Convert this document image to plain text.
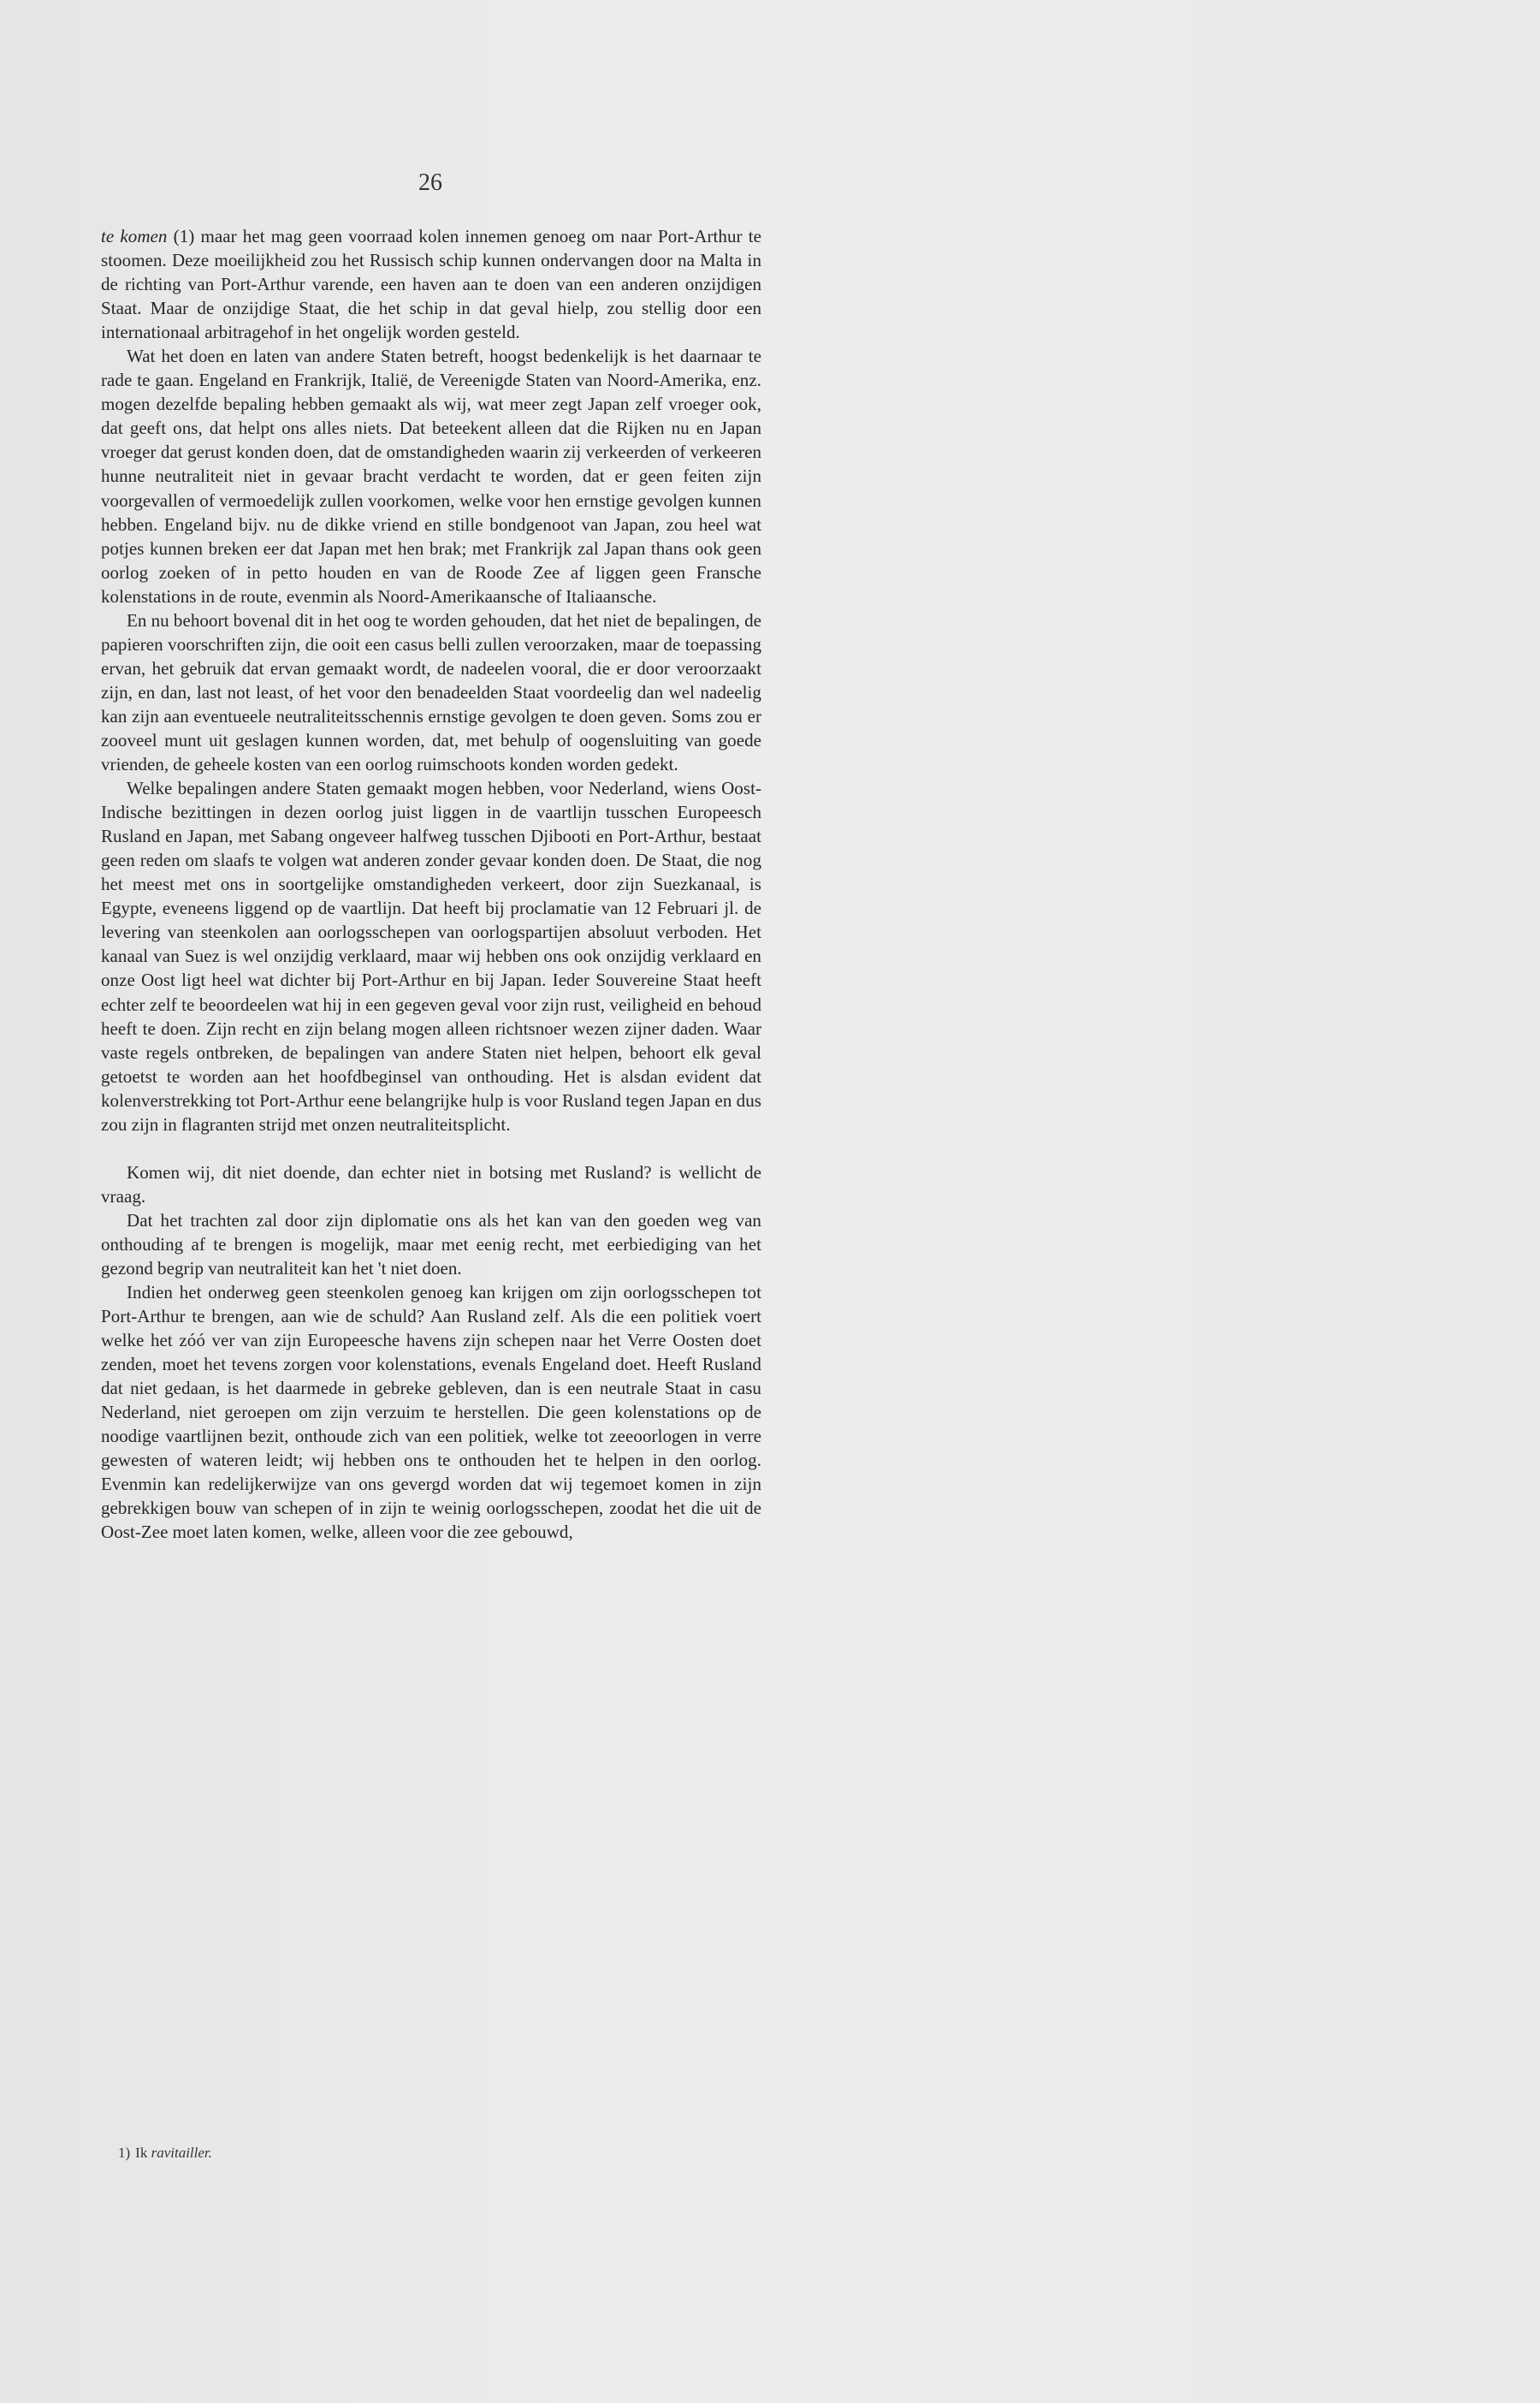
26

te komen (1) maar het mag geen voorraad kolen innemen genoeg om naar Port-Arthur te stoomen. Deze moeilijkheid zou het Russisch schip kunnen ondervangen door na Malta in de richting van Port-Arthur varende, een haven aan te doen van een anderen onzijdigen Staat. Maar de onzijdige Staat, die het schip in dat geval hielp, zou stellig door een internationaal arbitragehof in het ongelijk worden gesteld.

Wat het doen en laten van andere Staten betreft, hoogst bedenkelijk is het daarnaar te rade te gaan. Engeland en Frankrijk, Italië, de Vereenigde Staten van Noord-Amerika, enz. mogen dezelfde bepaling hebben gemaakt als wij, wat meer zegt Japan zelf vroeger ook, dat geeft ons, dat helpt ons alles niets. Dat beteekent alleen dat die Rijken nu en Japan vroeger dat gerust konden doen, dat de omstandigheden waarin zij verkeerden of verkeeren hunne neutraliteit niet in gevaar bracht verdacht te worden, dat er geen feiten zijn voorgevallen of vermoedelijk zullen voorkomen, welke voor hen ernstige gevolgen kunnen hebben. Engeland bijv. nu de dikke vriend en stille bondgenoot van Japan, zou heel wat potjes kunnen breken eer dat Japan met hen brak; met Frankrijk zal Japan thans ook geen oorlog zoeken of in petto houden en van de Roode Zee af liggen geen Fransche kolenstations in de route, evenmin als Noord-Amerikaansche of Italiaansche.

En nu behoort bovenal dit in het oog te worden gehouden, dat het niet de bepalingen, de papieren voorschriften zijn, die ooit een casus belli zullen veroorzaken, maar de toepassing ervan, het gebruik dat ervan gemaakt wordt, de nadeelen vooral, die er door veroorzaakt zijn, en dan, last not least, of het voor den benadeelden Staat voordeelig dan wel nadeelig kan zijn aan eventueele neutraliteitsschennis ernstige gevolgen te doen geven. Soms zou er zooveel munt uit geslagen kunnen worden, dat, met behulp of oogensluiting van goede vrienden, de geheele kosten van een oorlog ruimschoots konden worden gedekt.

Welke bepalingen andere Staten gemaakt mogen hebben, voor Nederland, wiens Oost-Indische bezittingen in dezen oorlog juist liggen in de vaartlijn tusschen Europeesch Rusland en Japan, met Sabang ongeveer halfweg tusschen Djibooti en Port-Arthur, bestaat geen reden om slaafs te volgen wat anderen zonder gevaar konden doen. De Staat, die nog het meest met ons in soortgelijke omstandigheden verkeert, door zijn Suezkanaal, is Egypte, eveneens liggend op de vaartlijn. Dat heeft bij proclamatie van 12 Februari jl. de levering van steenkolen aan oorlogsschepen van oorlogspartijen absoluut verboden. Het kanaal van Suez is wel onzijdig verklaard, maar wij hebben ons ook onzijdig verklaard en onze Oost ligt heel wat dichter bij Port-Arthur en bij Japan. Ieder Souvereine Staat heeft echter zelf te beoordeelen wat hij in een gegeven geval voor zijn rust, veiligheid en behoud heeft te doen. Zijn recht en zijn belang mogen alleen richtsnoer wezen zijner daden. Waar vaste regels ontbreken, de bepalingen van andere Staten niet helpen, behoort elk geval getoetst te worden aan het hoofdbeginsel van onthouding. Het is alsdan evident dat kolenverstrekking tot Port-Arthur eene belangrijke hulp is voor Rusland tegen Japan en dus zou zijn in flagranten strijd met onzen neutraliteitsplicht.

Komen wij, dit niet doende, dan echter niet in botsing met Rusland? is wellicht de vraag.

Dat het trachten zal door zijn diplomatie ons als het kan van den goeden weg van onthouding af te brengen is mogelijk, maar met eenig recht, met eerbiediging van het gezond begrip van neutraliteit kan het 't niet doen.

Indien het onderweg geen steenkolen genoeg kan krijgen om zijn oorlogsschepen tot Port-Arthur te brengen, aan wie de schuld? Aan Rusland zelf. Als die een politiek voert welke het zóó ver van zijn Europeesche havens zijn schepen naar het Verre Oosten doet zenden, moet het tevens zorgen voor kolenstations, evenals Engeland doet. Heeft Rusland dat niet gedaan, is het daarmede in gebreke gebleven, dan is een neutrale Staat in casu Nederland, niet geroepen om zijn verzuim te herstellen. Die geen kolenstations op de noodige vaartlijnen bezit, onthoude zich van een politiek, welke tot zeeoorlogen in verre gewesten of wateren leidt; wij hebben ons te onthouden het te helpen in den oorlog. Evenmin kan redelijkerwijze van ons gevergd worden dat wij tegemoet komen in zijn gebrekkigen bouw van schepen of in zijn te weinig oorlogsschepen, zoodat het die uit de Oost-Zee moet laten komen, welke, alleen voor die zee gebouwd,

1) Ik ravitailler.
